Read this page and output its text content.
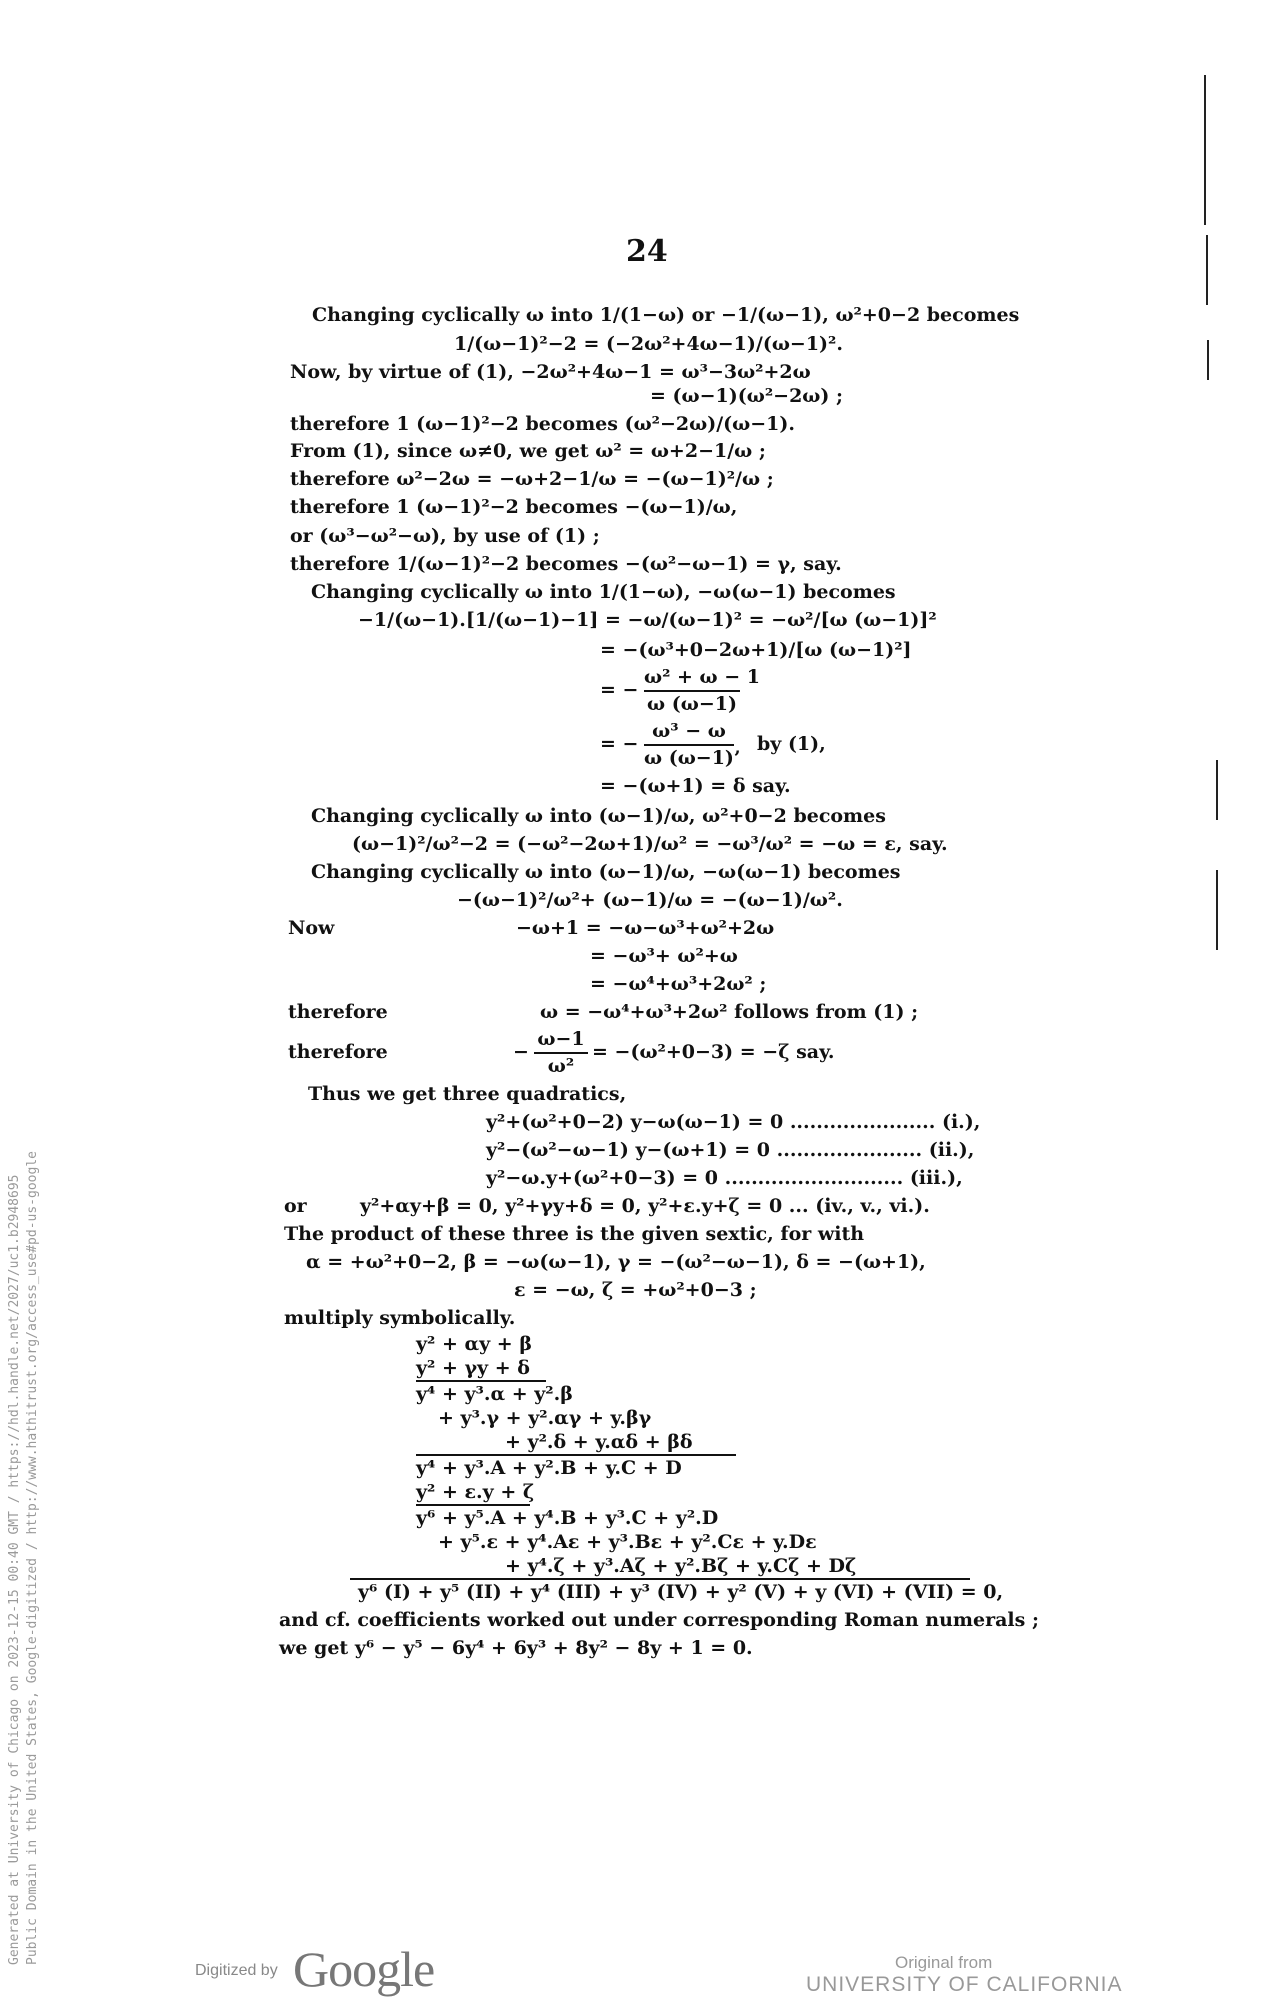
24
Changing cyclically ω into 1/(1−ω) or −1/(ω−1), ω²+0−2 becomes
1/(ω−1)²−2 = (−2ω²+4ω−1)/(ω−1)².
Now, by virtue of (1), −2ω²+4ω−1 = ω³−3ω²+2ω
= (ω−1)(ω²−2ω) ;
therefore 1 (ω−1)²−2 becomes (ω²−2ω)/(ω−1).
From (1), since ω≠0, we get ω² = ω+2−1/ω ;
therefore ω²−2ω = −ω+2−1/ω = −(ω−1)²/ω ;
therefore 1 (ω−1)²−2 becomes −(ω−1)/ω,
or (ω³−ω²−ω), by use of (1) ;
therefore 1/(ω−1)²−2 becomes −(ω²−ω−1) = γ, say.
Changing cyclically ω into 1/(1−ω), −ω(ω−1) becomes
−1/(ω−1).[1/(ω−1)−1] = −ω/(ω−1)² = −ω²/[ω (ω−1)]²
= −(ω³+0−2ω+1)/[ω (ω−1)²]
= −
ω² + ω − 1
ω (ω−1)
= −
ω³ − ω
ω (ω−1)’
by (1),
= −(ω+1) = δ say.
Changing cyclically ω into (ω−1)/ω, ω²+0−2 becomes
(ω−1)²/ω²−2 = (−ω²−2ω+1)/ω² = −ω³/ω² = −ω = ε, say.
Changing cyclically ω into (ω−1)/ω, −ω(ω−1) becomes
−(ω−1)²/ω²+ (ω−1)/ω = −(ω−1)/ω².
Now	−ω+1 = −ω−ω³+ω²+2ω
= −ω³+ ω²+ω
= −ω⁴+ω³+2ω² ;
therefore	ω = −ω⁴+ω³+2ω² follows from (1) ;
therefore	−
ω−1
ω²
= −(ω²+0−3) = −ζ say.
Thus we get three quadratics,
y²+(ω²+0−2) y−ω(ω−1) = 0 ...................... (i.),
y²−(ω²−ω−1) y−(ω+1) = 0 ...................... (ii.),
y²−ω.y+(ω²+0−3) = 0 ........................... (iii.),
or	y²+αy+β = 0, y²+γy+δ = 0, y²+ε.y+ζ = 0 ... (iv., v., vi.).
The product of these three is the given sextic, for with
α = +ω²+0−2, β = −ω(ω−1), γ = −(ω²−ω−1), δ = −(ω+1),
ε = −ω, ζ = +ω²+0−3 ;
multiply symbolically.
y² + αy + β
y² + γy + δ
y⁴ + y³.α + y².β
+ y³.γ + y².αγ + y.βγ
+ y².δ + y.αδ + βδ
y⁴ + y³.A + y².B + y.C + D
y² + ε.y + ζ
y⁶ + y⁵.A + y⁴.B + y³.C + y².D
+ y⁵.ε + y⁴.Aε + y³.Bε + y².Cε + y.Dε
+ y⁴.ζ + y³.Aζ + y².Bζ + y.Cζ + Dζ
y⁶ (I) + y⁵ (II) + y⁴ (III) + y³ (IV) + y² (V) + y (VI) + (VII) = 0,
and cf. coefficients worked out under corresponding Roman numerals ;
we get y⁶ − y⁵ − 6y⁴ + 6y³ + 8y² − 8y + 1 = 0.
Generated at University of Chicago on 2023-12-15 00:40 GMT / https://hdl.handle.net/2027/uc1.b2948695 Public Domain in the United States, Google-digitized / http://www.hathitrust.org/access_use#pd-us-google
Digitized by Google	Original from
UNIVERSITY OF CALIFORNIA
